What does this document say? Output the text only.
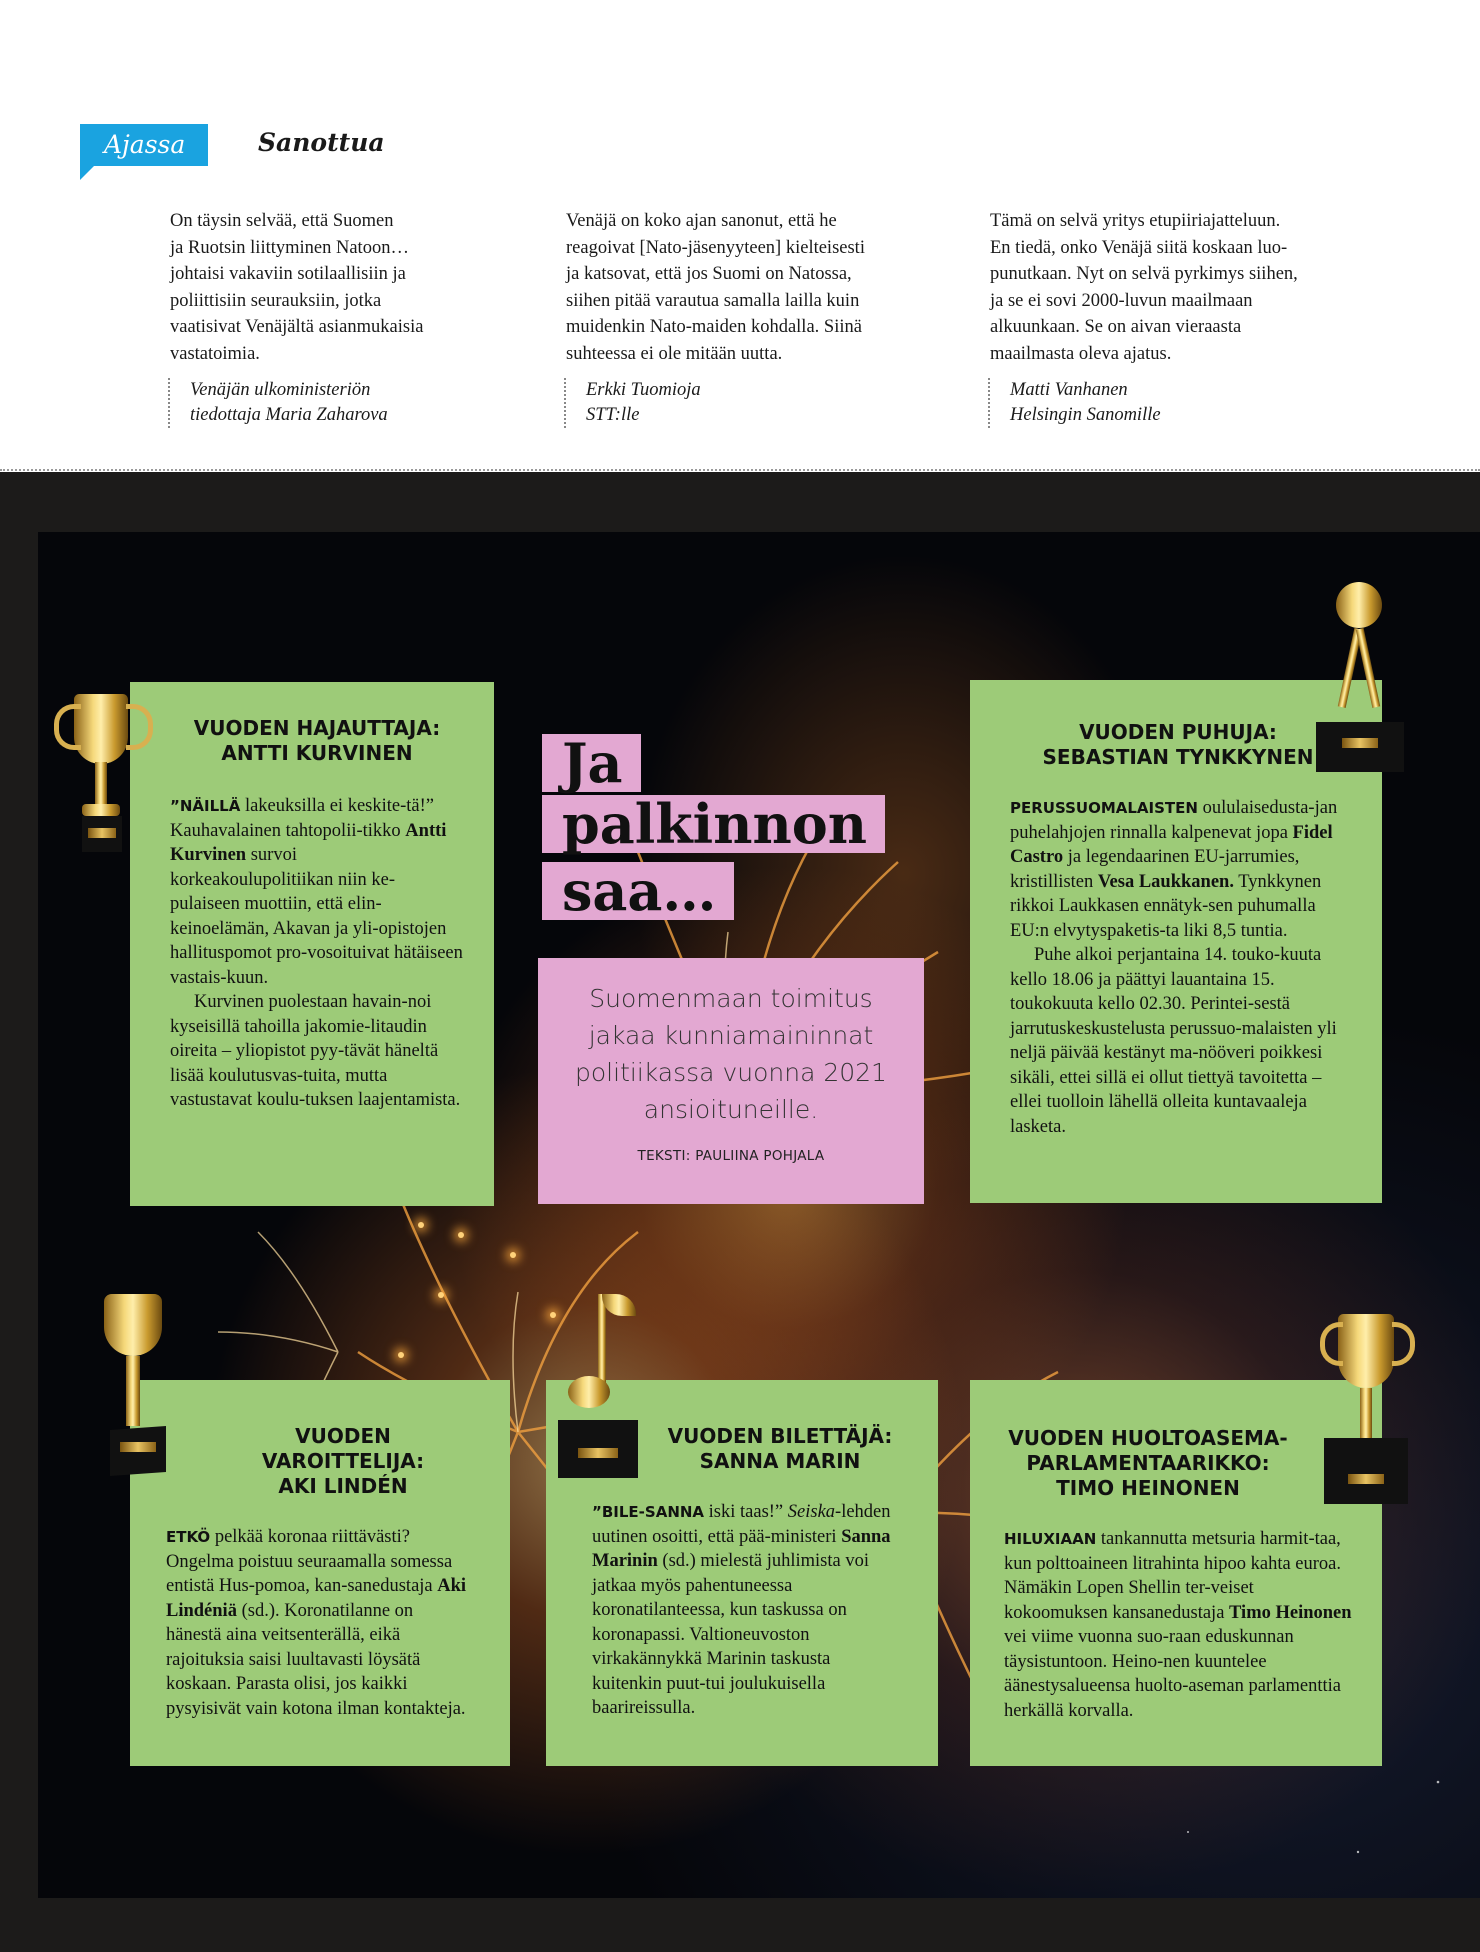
Ajassa	Sanottua
On täysin selvää, että Suomen
ja Ruotsin liittyminen Natoon…
johtaisi vakaviin sotilaallisiin ja
poliittisiin seurauksiin, jotka
vaatisivat Venäjältä asianmukaisia
vastatoimia.
Venäjän ulkoministeriön
tiedottaja Maria Zaharova
Venäjä on koko ajan sanonut, että he
reagoivat [Nato-jäsenyyteen] kielteisesti
ja katsovat, että jos Suomi on Natossa,
siihen pitää varautua samalla lailla kuin
muidenkin Nato-maiden kohdalla. Siinä
suhteessa ei ole mitään uutta.
Erkki Tuomioja
STT:lle
Tämä on selvä yritys etupiiriajatteluun.
En tiedä, onko Venäjä siitä koskaan luo-
punutkaan. Nyt on selvä pyrkimys siihen,
ja se ei sovi 2000-luvun maailmaan
alkuunkaan. Se on aivan vieraasta
maailmasta oleva ajatus.
Matti Vanhanen
Helsingin Sanomille
Ja
palkinnon
saa…
Suomenmaan toimitus jakaa kunniamaininnat politiikassa vuonna 2021 ansioituneille.
TEKSTI: PAULIINA POHJALA
VUODEN HAJAUTTAJA:
ANTTI KURVINEN

”NÄILLÄ lakeuksilla ei keskite-tä!” Kauhavalainen tahtopolii-tikko Antti Kurvinen survoi korkeakoulupolitiikan niin ke-pulaiseen muottiin, että elin-keinoelämän, Akavan ja yli-opistojen hallituspomot pro-vosoituivat hätäiseen vastais-kuun.

Kurvinen puolestaan havain-noi kyseisillä tahoilla jakomie-litaudin oireita – yliopistot pyy-tävät häneltä lisää koulutusvas-tuita, mutta vastustavat koulu-tuksen laajentamista.

VUODEN PUHUJA:
SEBASTIAN TYNKKYNEN

PERUSSUOMALAISTEN oululaisedusta-jan puhelahjojen rinnalla kalpenevat jopa Fidel Castro ja legendaarinen EU-jarrumies, kristillisten Vesa Laukkanen. Tynkkynen rikkoi Laukkasen ennätyk-sen puhumalla EU:n elvytyspaketis-ta liki 8,5 tuntia.

Puhe alkoi perjantaina 14. touko-kuuta kello 18.06 ja päättyi lauantaina 15. toukokuuta kello 02.30. Perintei-sestä jarrutuskeskustelusta perussuo-malaisten yli neljä päivää kestänyt ma-nööveri poikkesi sikäli, ettei sillä ei ollut tiettyä tavoitetta – ellei tuolloin lähellä olleita kuntavaaleja lasketa.

VUODEN VAROITTELIJA:
AKI LINDÉN

ETKÖ pelkää koronaa riittävästi? Ongelma poistuu seuraamalla somessa entistä Hus-pomoa, kan-sanedustaja Aki Lindéniä (sd.). Koronatilanne on hänestä aina veitsenterällä, eikä rajoituksia saisi luultavasti löysätä koskaan. Parasta olisi, jos kaikki pysyisivät vain kotona ilman kontakteja.

VUODEN BILETTÄJÄ:
SANNA MARIN

”BILE-SANNA iski taas!” Seiska-lehden uutinen osoitti, että pää-ministeri Sanna Marinin (sd.) mielestä juhlimista voi jatkaa myös pahentuneessa koronatilanteessa, kun taskussa on koronapassi. Valtioneuvoston virkakännykkä Marinin taskusta kuitenkin puut-tui joulukuisella baarireissulla.

VUODEN HUOLTOASEMA-
PARLAMENTAARIKKO:
TIMO HEINONEN

HILUXIAAN tankannutta metsuria harmit-taa, kun polttoaineen litrahinta hipoo kahta euroa. Nämäkin Lopen Shellin ter-veiset kokoomuksen kansanedustaja Timo Heinonen vei viime vuonna suo-raan eduskunnan täysistuntoon. Heino-nen kuuntelee äänestysalueensa huolto-aseman parlamenttia herkällä korvalla.
